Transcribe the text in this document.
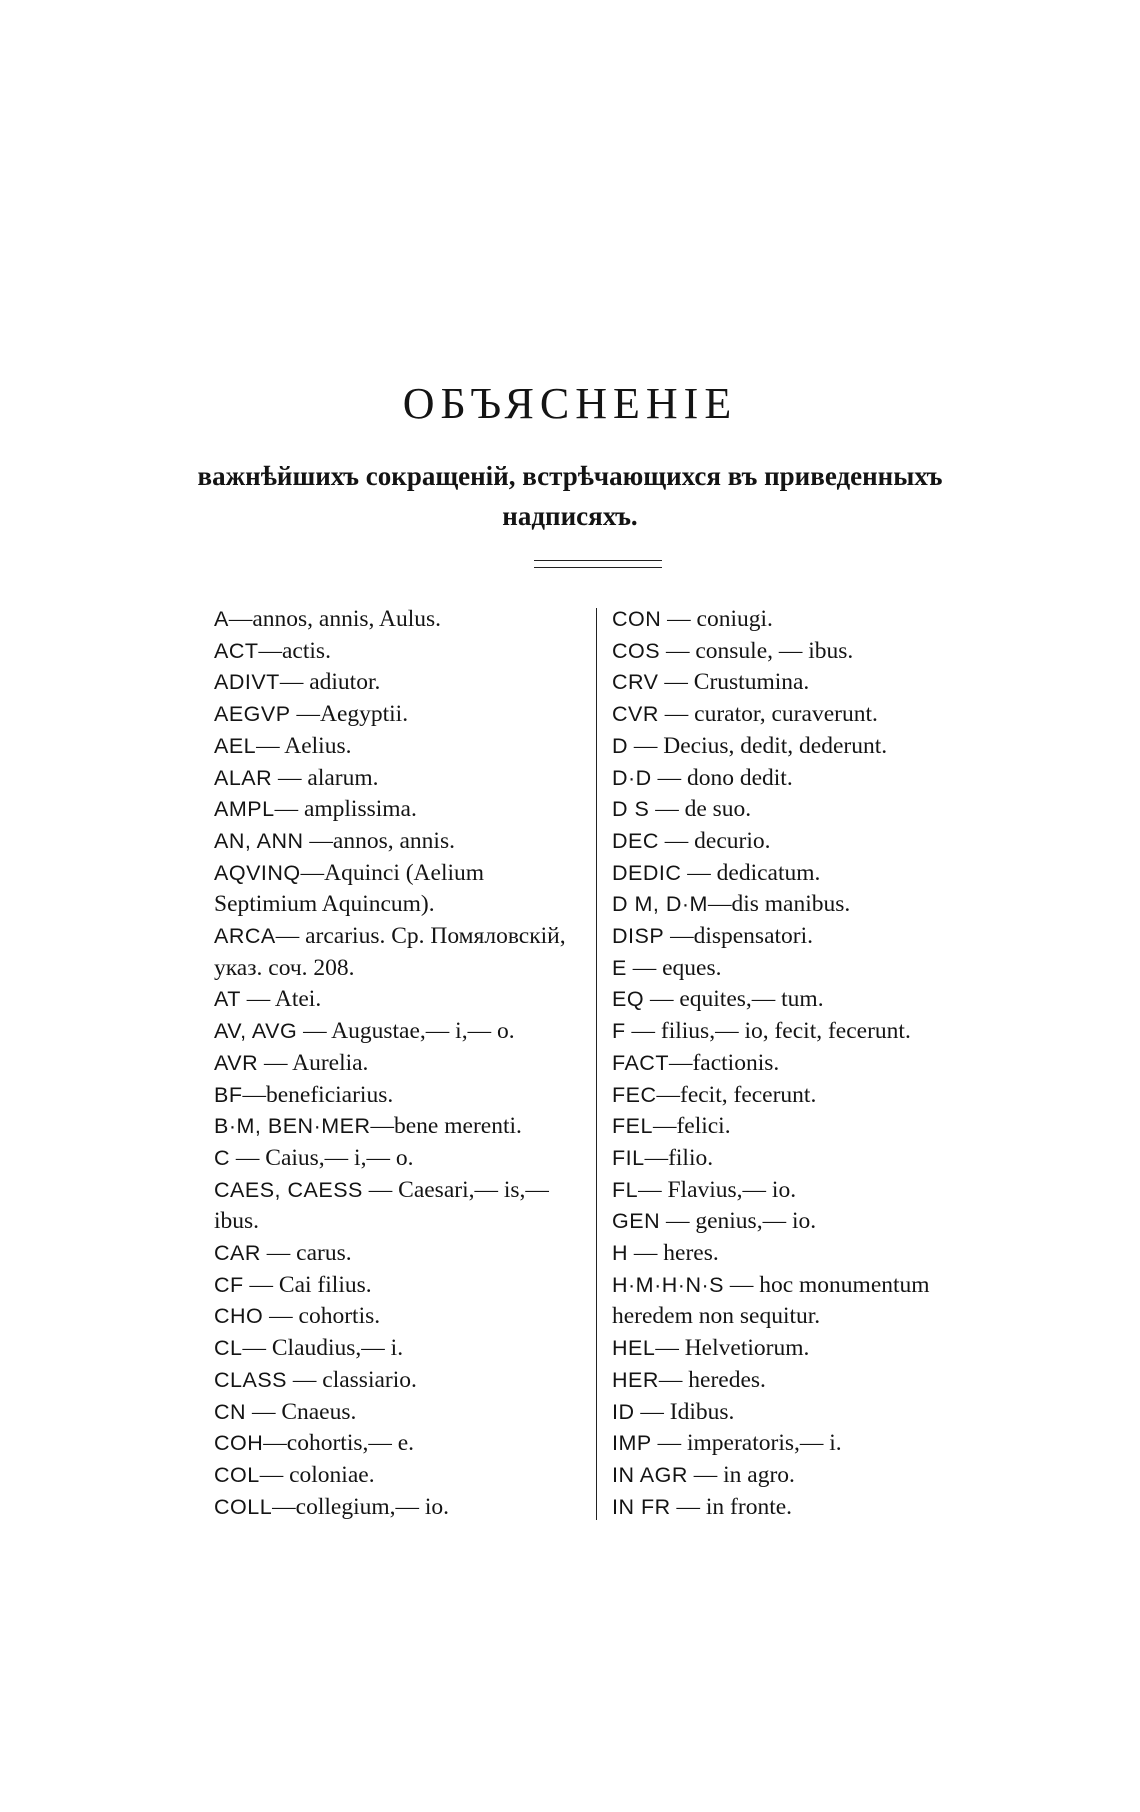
ОБЪЯСНЕНІЕ

важнѣйшихъ сокращеній, встрѣчающихся въ приведенныхъ надписяхъ.

A—annos, annis, Aulus.
ACT—actis.
ADIVT— adiutor.
AEGVP —Aegyptii.
AEL— Aelius.
ALAR — alarum.
AMPL— amplissima.
AN, ANN —annos, annis.
AQVINQ—Aquinci (Aelium Septimium Aquincum).
ARCA— arcarius. Ср. Помяловскій, указ. соч. 208.
AT — Atei.
AV, AVG — Augustae,— i,— o.
AVR — Aurelia.
BF—beneficiarius.
B·M, BEN·MER—bene merenti.
C — Caius,— i,— o.
CAES, CAESS — Caesari,— is,— ibus.
CAR — carus.
CF — Cai filius.
CHO — cohortis.
CL— Claudius,— i.
CLASS — classiario.
CN — Cnaeus.
COH—cohortis,— e.
COL— coloniae.
COLL—collegium,— io.
CON — coniugi.
COS — consule, — ibus.
CRV — Crustumina.
CVR — curator, curaverunt.
D — Decius, dedit, dederunt.
D·D — dono dedit.
D S — de suo.
DEC — decurio.
DEDIC — dedicatum.
D M, D·M—dis manibus.
DISP —dispensatori.
E — eques.
EQ — equites,— tum.
F — filius,— io, fecit, fecerunt.
FACT—factionis.
FEC—fecit, fecerunt.
FEL—felici.
FIL—filio.
FL— Flavius,— io.
GEN — genius,— io.
H — heres.
H·M·H·N·S — hoc monumentum heredem non sequitur.
HEL— Helvetiorum.
HER— heredes.
ID — Idibus.
IMP — imperatoris,— i.
IN AGR — in agro.
IN FR — in fronte.
